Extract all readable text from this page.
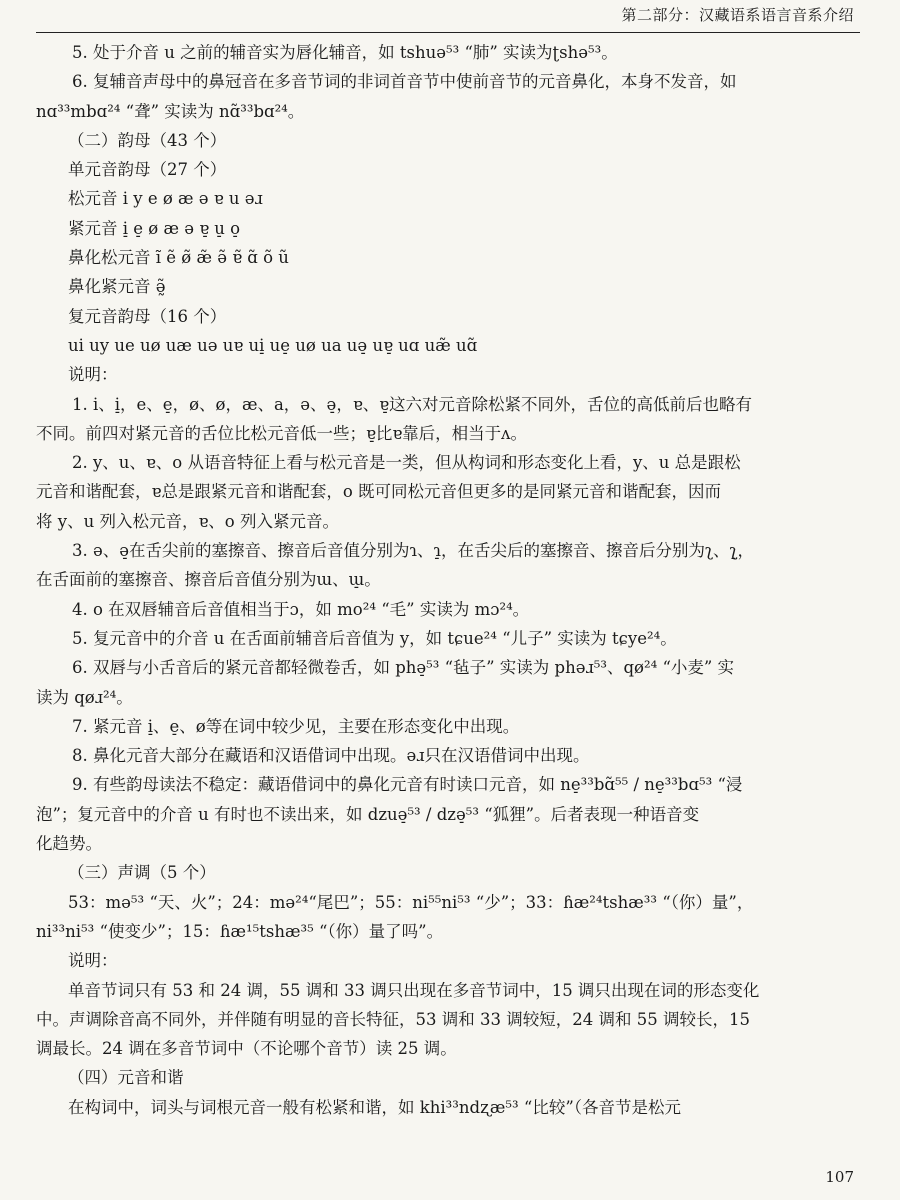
第二部分：汉藏语系语言音系介绍
5. 处于介音 u 之前的辅音实为唇化辅音，如 tshuə⁵³ “肺” 实读为ʈshə⁵³。
6. 复辅音声母中的鼻冠音在多音节词的非词首音节中使前音节的元音鼻化，本身不发音，如
nɑ³³mbɑ²⁴ “聋” 实读为 nɑ̃³³bɑ²⁴。
（二）韵母（43 个）
单元音韵母（27 个）
松元音 i y e ø æ ə ɐ u əɹ
紧元音 i̠ e̠ ø æ ə ɐ̠ u̠ o̠
鼻化松元音 ĩ ẽ ø̃ æ̃ ə̃ ɐ̃ ɑ̃ õ ũ
鼻化紧元音 ə̰̃
复元音韵母（16 个）
ui uy ue uø uæ uə uɐ ui̠ ue̠ uø ua uə̠ uɐ̠ uɑ uæ̃ uɑ̃
说明：
1. i、i̠，e、e̠，ø、ø，æ、a，ə、ə̠，ɐ、ɐ̠这六对元音除松紧不同外，舌位的高低前后也略有
不同。前四对紧元音的舌位比松元音低一些；ɐ̠比ɐ靠后，相当于ʌ。
2. y、u、ɐ、o 从语音特征上看与松元音是一类，但从构词和形态变化上看，y、u 总是跟松
元音和谐配套，ɐ总是跟紧元音和谐配套，o 既可同松元音但更多的是同紧元音和谐配套，因而
将 y、u 列入松元音，ɐ、o 列入紧元音。
3. ə、ə̠在舌尖前的塞擦音、擦音后音值分别为ɿ、ɿ̠，在舌尖后的塞擦音、擦音后分别为ʅ、ʅ̠，
在舌面前的塞擦音、擦音后音值分别为ɯ、ɯ̠。
4. o 在双唇辅音后音值相当于ɔ，如 mo²⁴ “毛” 实读为 mɔ²⁴。
5. 复元音中的介音 u 在舌面前辅音后音值为 y，如 tɕue²⁴ “儿子” 实读为 tɕye²⁴。
6. 双唇与小舌音后的紧元音都轻微卷舌，如 phə̠⁵³ “毡子” 实读为 phəɹ⁵³、qø²⁴ “小麦” 实
读为 qøɹ²⁴。
7. 紧元音 i̠、e̠、ø等在词中较少见，主要在形态变化中出现。
8. 鼻化元音大部分在藏语和汉语借词中出现。əɹ只在汉语借词中出现。
9. 有些韵母读法不稳定：藏语借词中的鼻化元音有时读口元音，如 ne̠³³bɑ̃⁵⁵ / ne̠³³bɑ⁵³ “浸
泡”；复元音中的介音 u 有时也不读出来，如 dzuə̠⁵³ / dzə̠⁵³ “狐狸”。后者表现一种语音变
化趋势。
（三）声调（5 个）
53：mə⁵³ “天、火”；24：mə²⁴“尾巴”；55：ni⁵⁵ni⁵³ “少”；33：ɦæ²⁴tshæ³³ “（你）量”，
ni³³ni⁵³ “使变少”；15：ɦæ¹⁵tshæ³⁵ “（你）量了吗”。
说明：
单音节词只有 53 和 24 调，55 调和 33 调只出现在多音节词中，15 调只出现在词的形态变化
中。声调除音高不同外，并伴随有明显的音长特征，53 调和 33 调较短，24 调和 55 调较长，15
调最长。24 调在多音节词中（不论哪个音节）读 25 调。
（四）元音和谐
在构词中，词头与词根元音一般有松紧和谐，如 khi³³ndʐæ⁵³ “比较”（各音节是松元
107
